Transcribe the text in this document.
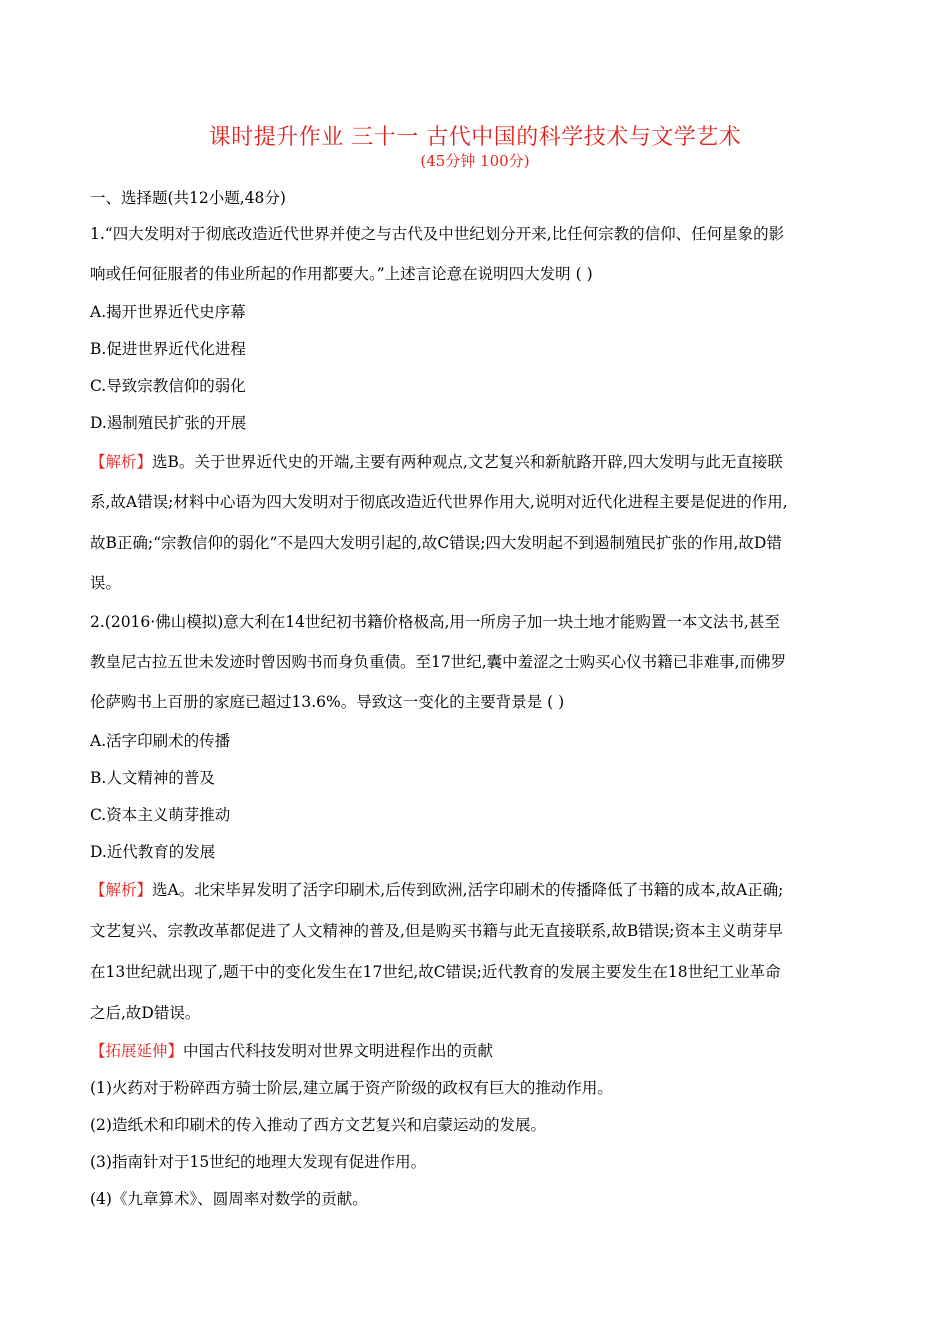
课时提升作业 三十一 古代中国的科学技术与文学艺术
(45分钟 100分)
一、选择题(共12小题,48分)
1.“四大发明对于彻底改造近代世界并使之与古代及中世纪划分开来,比任何宗教的信仰、任何星象的影
响或任何征服者的伟业所起的作用都要大。”上述言论意在说明四大发明 ( )
A.揭开世界近代史序幕
B.促进世界近代化进程
C.导致宗教信仰的弱化
D.遏制殖民扩张的开展
【解析】选B。关于世界近代史的开端,主要有两种观点,文艺复兴和新航路开辟,四大发明与此无直接联
系,故A错误;材料中心语为四大发明对于彻底改造近代世界作用大,说明对近代化进程主要是促进的作用,
故B正确;“宗教信仰的弱化”不是四大发明引起的,故C错误;四大发明起不到遏制殖民扩张的作用,故D错
误。
2.(2016·佛山模拟)意大利在14世纪初书籍价格极高,用一所房子加一块土地才能购置一本文法书,甚至
教皇尼古拉五世未发迹时曾因购书而身负重债。至17世纪,囊中羞涩之士购买心仪书籍已非难事,而佛罗
伦萨购书上百册的家庭已超过13.6%。导致这一变化的主要背景是 ( )
A.活字印刷术的传播
B.人文精神的普及
C.资本主义萌芽推动
D.近代教育的发展
【解析】选A。北宋毕昇发明了活字印刷术,后传到欧洲,活字印刷术的传播降低了书籍的成本,故A正确;
文艺复兴、宗教改革都促进了人文精神的普及,但是购买书籍与此无直接联系,故B错误;资本主义萌芽早
在13世纪就出现了,题干中的变化发生在17世纪,故C错误;近代教育的发展主要发生在18世纪工业革命
之后,故D错误。
【拓展延伸】中国古代科技发明对世界文明进程作出的贡献
(1)火药对于粉碎西方骑士阶层,建立属于资产阶级的政权有巨大的推动作用。
(2)造纸术和印刷术的传入推动了西方文艺复兴和启蒙运动的发展。
(3)指南针对于15世纪的地理大发现有促进作用。
(4)《九章算术》、圆周率对数学的贡献。
